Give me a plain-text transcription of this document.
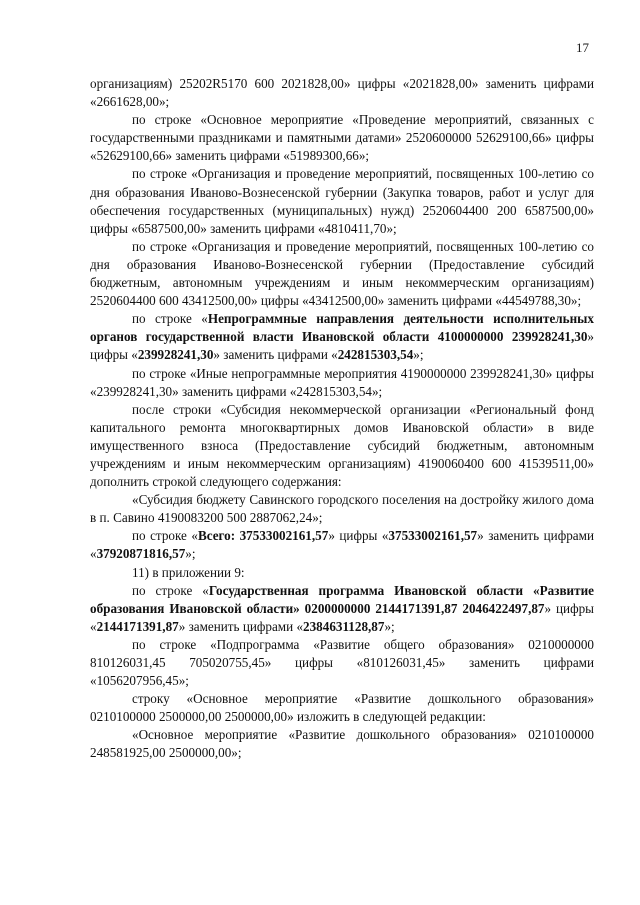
17

организациям) 25202R5170 600 2021828,00» цифры «2021828,00» заменить цифрами «2661628,00»;

по строке «Основное мероприятие «Проведение мероприятий, связанных с государственными праздниками и памятными датами» 2520600000 52629100,66» цифры «52629100,66» заменить цифрами «51989300,66»;

по строке «Организация и проведение мероприятий, посвященных 100-летию со дня образования Иваново-Вознесенской губернии (Закупка товаров, работ и услуг для обеспечения государственных (муниципальных) нужд) 2520604400 200 6587500,00» цифры «6587500,00» заменить цифрами «4810411,70»;

по строке «Организация и проведение мероприятий, посвященных 100-летию со дня образования Иваново-Вознесенской губернии (Предоставление субсидий бюджетным, автономным учреждениям и иным некоммерческим организациям) 2520604400 600 43412500,00» цифры «43412500,00» заменить цифрами «44549788,30»;

по строке «Непрограммные направления деятельности исполнительных органов государственной власти Ивановской области 4100000000 239928241,30» цифры «239928241,30» заменить цифрами «242815303,54»;

по строке «Иные непрограммные мероприятия 4190000000 239928241,30» цифры «239928241,30» заменить цифрами «242815303,54»;

после строки «Субсидия некоммерческой организации «Региональный фонд капитального ремонта многоквартирных домов Ивановской области» в виде имущественного взноса (Предоставление субсидий бюджетным, автономным учреждениям и иным некоммерческим организациям) 4190060400 600 41539511,00» дополнить строкой следующего содержания:

«Субсидия бюджету Савинского городского поселения на достройку жилого дома в п. Савино 4190083200 500 2887062,24»;

по строке «Всего: 37533002161,57» цифры «37533002161,57» заменить цифрами «37920871816,57»;

11) в приложении 9:

по строке «Государственная программа Ивановской области «Развитие образования Ивановской области» 0200000000 2144171391,87 2046422497,87» цифры «2144171391,87» заменить цифрами «2384631128,87»;

по строке «Подпрограмма «Развитие общего образования» 0210000000 810126031,45 705020755,45» цифры «810126031,45» заменить цифрами «1056207956,45»;

строку «Основное мероприятие «Развитие дошкольного образования» 0210100000 2500000,00 2500000,00» изложить в следующей редакции:

«Основное мероприятие «Развитие дошкольного образования» 0210100000 248581925,00 2500000,00»;
